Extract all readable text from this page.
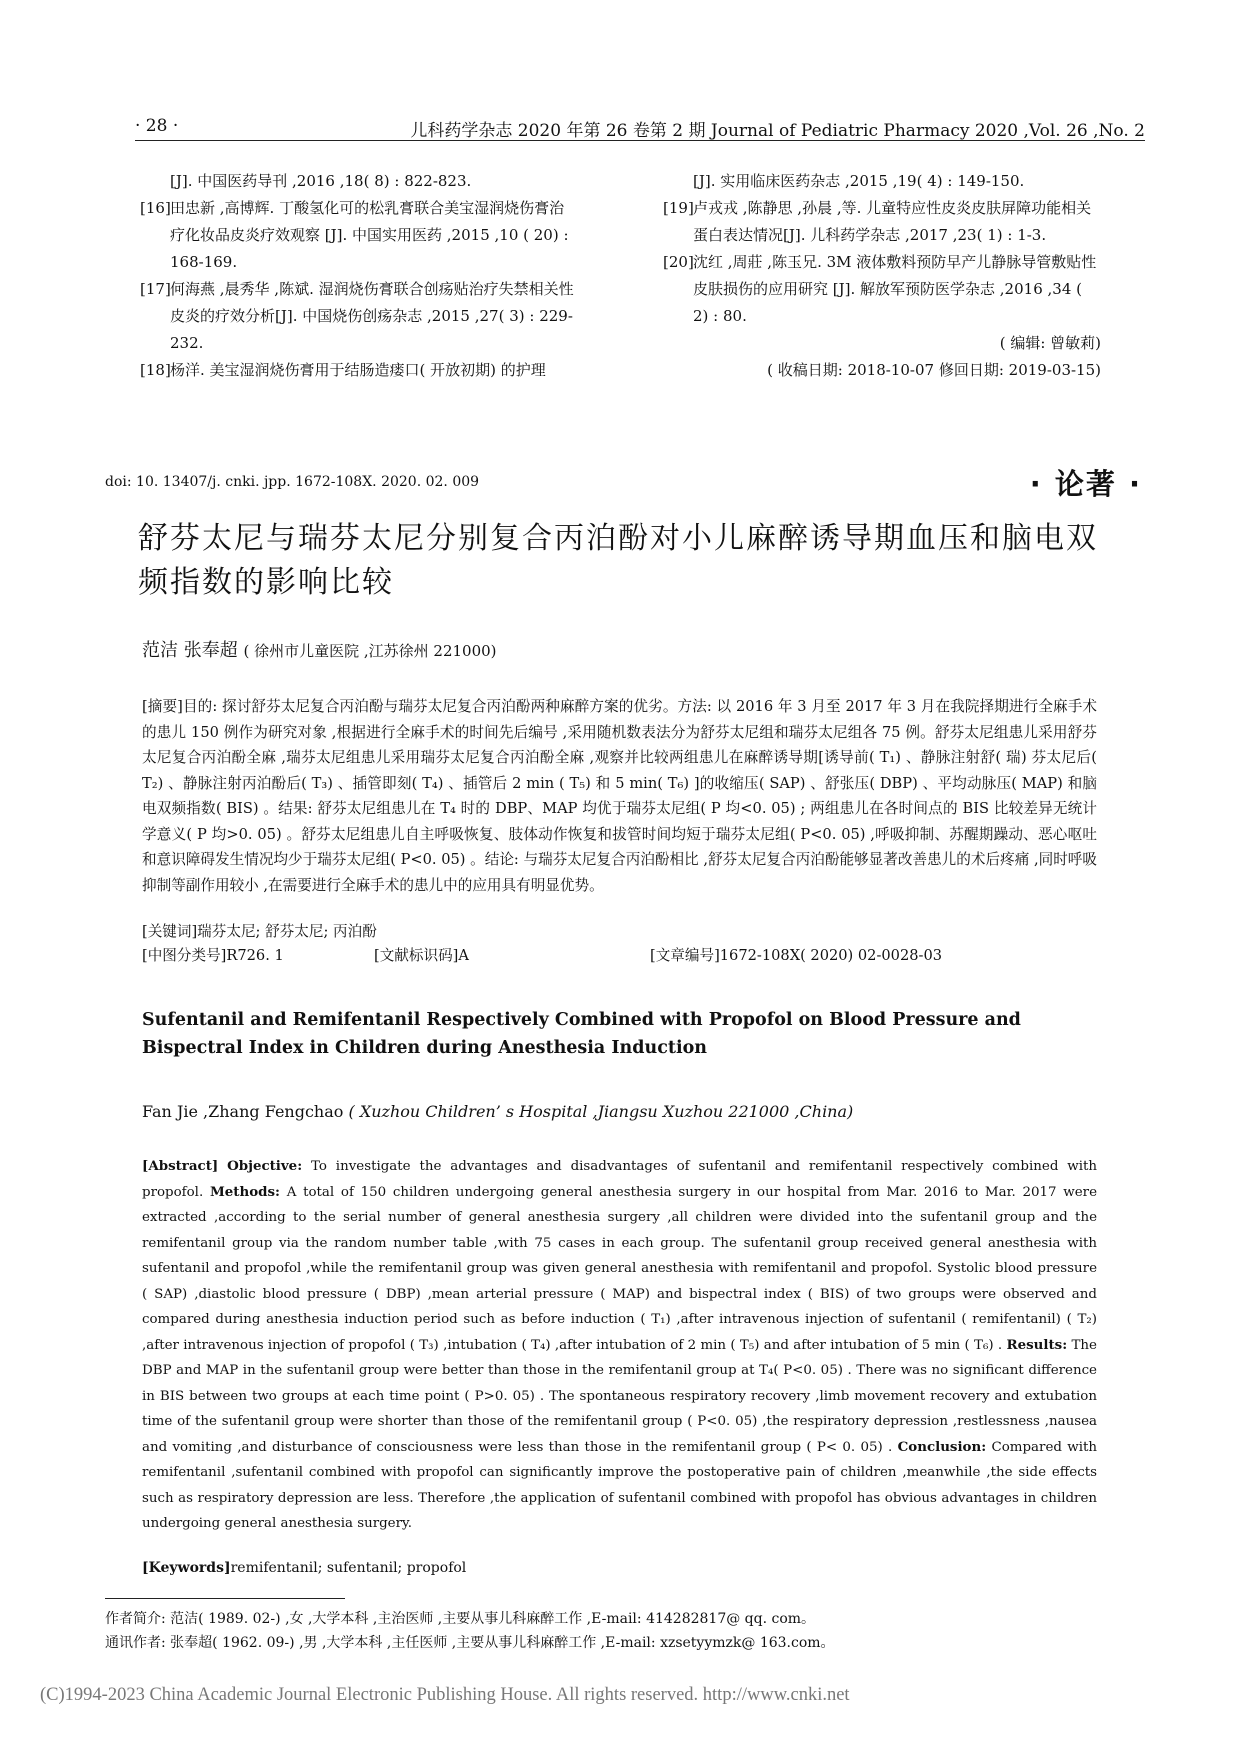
· 28 ·	儿科药学杂志 2020 年第 26 卷第 2 期 Journal of Pediatric Pharmacy 2020 ,Vol. 26 ,No. 2
[J]. 中国医药导刊 ,2016 ,18( 8) : 822-823.
[16] 田忠新 ,高博辉. 丁酸氢化可的松乳膏联合美宝湿润烧伤膏治疗化妆品皮炎疗效观察 [J]. 中国实用医药 ,2015 ,10 ( 20) : 168-169.
[17] 何海燕 ,晨秀华 ,陈斌. 湿润烧伤膏联合创疡贴治疗失禁相关性皮炎的疗效分析[J]. 中国烧伤创疡杂志 ,2015 ,27( 3) : 229-232.
[18] 杨洋. 美宝湿润烧伤膏用于结肠造瘘口( 开放初期) 的护理
[J]. 实用临床医药杂志 ,2015 ,19( 4) : 149-150.
[19] 卢戎戎 ,陈静思 ,孙晨 ,等. 儿童特应性皮炎皮肤屏障功能相关蛋白表达情况[J]. 儿科药学杂志 ,2017 ,23( 1) : 1-3.
[20] 沈红 ,周莊 ,陈玉兄. 3M 液体敷料预防早产儿静脉导管敷贴性皮肤损伤的应用研究 [J]. 解放军预防医学杂志 ,2016 ,34 ( 2) : 80.
( 编辑: 曾敏莉)
( 收稿日期: 2018-10-07 修回日期: 2019-03-15)
doi: 10. 13407/j. cnki. jpp. 1672-108X. 2020. 02. 009	· 论著 ·
舒芬太尼与瑞芬太尼分别复合丙泊酚对小儿麻醉诱导期血压和脑电双频指数的影响比较
范洁 张奉超 ( 徐州市儿童医院 ,江苏徐州 221000)
[摘要]目的: 探讨舒芬太尼复合丙泊酚与瑞芬太尼复合丙泊酚两种麻醉方案的优劣。方法: 以 2016 年 3 月至 2017 年 3 月在我院择期进行全麻手术的患儿 150 例作为研究对象 ,根据进行全麻手术的时间先后编号 ,采用随机数表法分为舒芬太尼组和瑞芬太尼组各 75 例。舒芬太尼组患儿采用舒芬太尼复合丙泊酚全麻 ,瑞芬太尼组患儿采用瑞芬太尼复合丙泊酚全麻 ,观察并比较两组患儿在麻醉诱导期[诱导前( T₁) 、静脉注射舒( 瑞) 芬太尼后( T₂) 、静脉注射丙泊酚后( T₃) 、插管即刻( T₄) 、插管后 2 min ( T₅) 和 5 min( T₆) ]的收缩压( SAP) 、舒张压( DBP) 、平均动脉压( MAP) 和脑电双频指数( BIS) 。结果: 舒芬太尼组患儿在 T₄ 时的 DBP、MAP 均优于瑞芬太尼组( P 均<0. 05) ; 两组患儿在各时间点的 BIS 比较差异无统计学意义( P 均>0. 05) 。舒芬太尼组患儿自主呼吸恢复、肢体动作恢复和拔管时间均短于瑞芬太尼组( P<0. 05) ,呼吸抑制、苏醒期躁动、恶心呕吐和意识障碍发生情况均少于瑞芬太尼组( P<0. 05) 。结论: 与瑞芬太尼复合丙泊酚相比 ,舒芬太尼复合丙泊酚能够显著改善患儿的术后疼痛 ,同时呼吸抑制等副作用较小 ,在需要进行全麻手术的患儿中的应用具有明显优势。
[关键词]瑞芬太尼; 舒芬太尼; 丙泊酚
[中图分类号]R726. 1	[文献标识码]A	[文章编号]1672-108X( 2020) 02-0028-03
Sufentanil and Remifentanil Respectively Combined with Propofol on Blood Pressure and Bispectral Index in Children during Anesthesia Induction
Fan Jie ,Zhang Fengchao ( Xuzhou Children’ s Hospital ,Jiangsu Xuzhou 221000 ,China)
[Abstract] Objective: To investigate the advantages and disadvantages of sufentanil and remifentanil respectively combined with propofol. Methods: A total of 150 children undergoing general anesthesia surgery in our hospital from Mar. 2016 to Mar. 2017 were extracted ,according to the serial number of general anesthesia surgery ,all children were divided into the sufentanil group and the remifentanil group via the random number table ,with 75 cases in each group. The sufentanil group received general anesthesia with sufentanil and propofol ,while the remifentanil group was given general anesthesia with remifentanil and propofol. Systolic blood pressure ( SAP) ,diastolic blood pressure ( DBP) ,mean arterial pressure ( MAP) and bispectral index ( BIS) of two groups were observed and compared during anesthesia induction period such as before induction ( T₁) ,after intravenous injection of sufentanil ( remifentanil) ( T₂) ,after intravenous injection of propofol ( T₃) ,intubation ( T₄) ,after intubation of 2 min ( T₅) and after intubation of 5 min ( T₆) . Results: The DBP and MAP in the sufentanil group were better than those in the remifentanil group at T₄( P<0. 05) . There was no significant difference in BIS between two groups at each time point ( P>0. 05) . The spontaneous respiratory recovery ,limb movement recovery and extubation time of the sufentanil group were shorter than those of the remifentanil group ( P<0. 05) ,the respiratory depression ,restlessness ,nausea and vomiting ,and disturbance of consciousness were less than those in the remifentanil group ( P< 0. 05) . Conclusion: Compared with remifentanil ,sufentanil combined with propofol can significantly improve the postoperative pain of children ,meanwhile ,the side effects such as respiratory depression are less. Therefore ,the application of sufentanil combined with propofol has obvious advantages in children undergoing general anesthesia surgery.
[Keywords]remifentanil; sufentanil; propofol
作者简介: 范洁( 1989. 02-) ,女 ,大学本科 ,主治医师 ,主要从事儿科麻醉工作 ,E-mail: 414282817@ qq. com。
通讯作者: 张奉超( 1962. 09-) ,男 ,大学本科 ,主任医师 ,主要从事儿科麻醉工作 ,E-mail: xzsetyymzk@ 163.com。
(C)1994-2023 China Academic Journal Electronic Publishing House. All rights reserved. http://www.cnki.net
